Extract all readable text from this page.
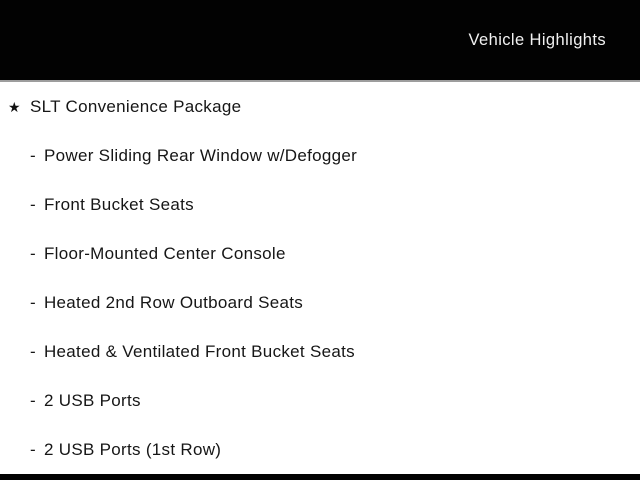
Vehicle Highlights
★ SLT Convenience Package
- Power Sliding Rear Window w/Defogger
- Front Bucket Seats
- Floor-Mounted Center Console
- Heated 2nd Row Outboard Seats
- Heated & Ventilated Front Bucket Seats
- 2 USB Ports
- 2 USB Ports (1st Row)
